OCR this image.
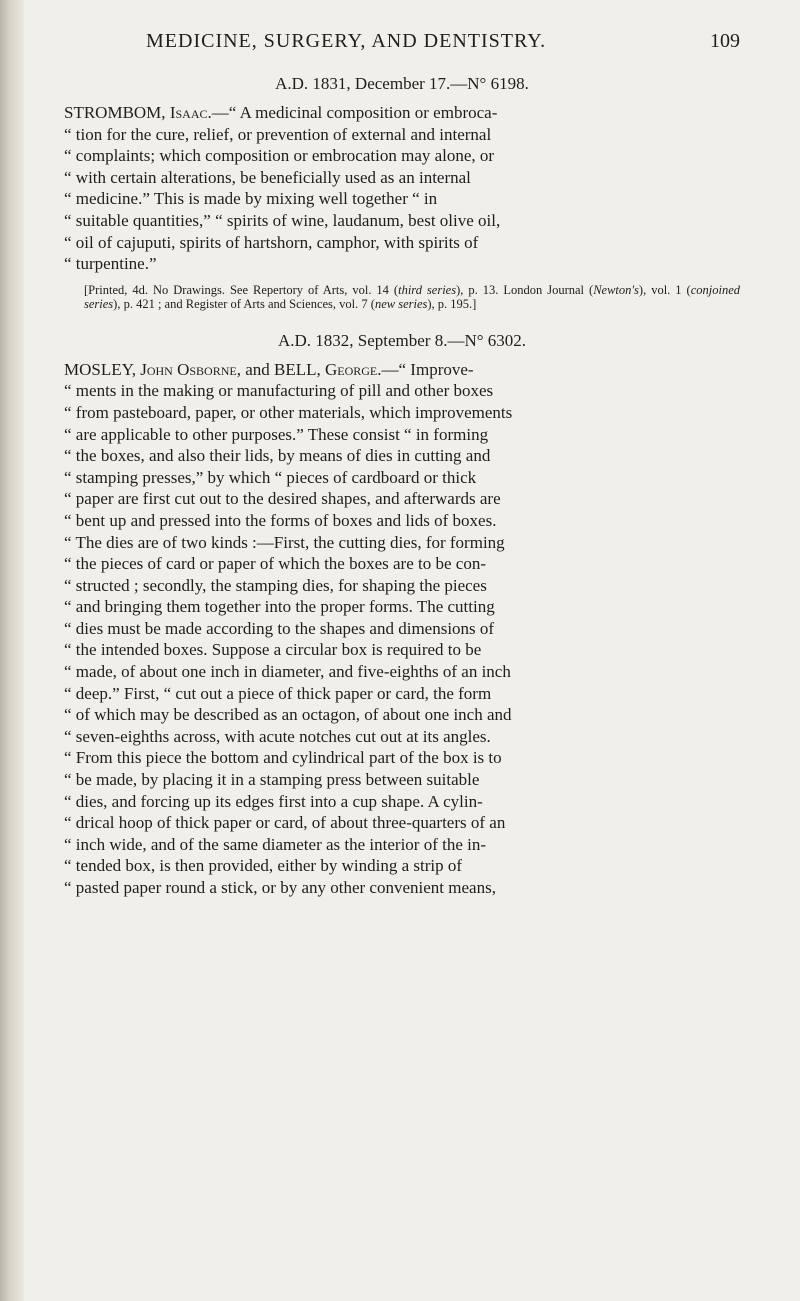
MEDICINE, SURGERY, AND DENTISTRY.	109
A.D. 1831, December 17.—N° 6198.

STROMBOM, Isaac.—“ A medicinal composition or embroca-
“ tion for the cure, relief, or prevention of external and internal
“ complaints; which composition or embrocation may alone, or
“ with certain alterations, be beneficially used as an internal
“ medicine.” This is made by mixing well together “ in
“ suitable quantities,” “ spirits of wine, laudanum, best olive oil,
“ oil of cajuputi, spirits of hartshorn, camphor, with spirits of
“ turpentine.”

[Printed, 4d. No Drawings. See Repertory of Arts, vol. 14 (third series), p. 13. London Journal (Newton's), vol. 1 (conjoined series), p. 421 ; and Register of Arts and Sciences, vol. 7 (new series), p. 195.]
A.D. 1832, September 8.—N° 6302.

MOSLEY, John Osborne, and BELL, George.—“ Improve-
“ ments in the making or manufacturing of pill and other boxes
“ from pasteboard, paper, or other materials, which improvements
“ are applicable to other purposes.” These consist “ in forming
“ the boxes, and also their lids, by means of dies in cutting and
“ stamping presses,” by which “ pieces of cardboard or thick
“ paper are first cut out to the desired shapes, and afterwards are
“ bent up and pressed into the forms of boxes and lids of boxes.
“ The dies are of two kinds :—First, the cutting dies, for forming
“ the pieces of card or paper of which the boxes are to be con-
“ structed ; secondly, the stamping dies, for shaping the pieces
“ and bringing them together into the proper forms. The cutting
“ dies must be made according to the shapes and dimensions of
“ the intended boxes. Suppose a circular box is required to be
“ made, of about one inch in diameter, and five-eighths of an inch
“ deep.” First, “ cut out a piece of thick paper or card, the form
“ of which may be described as an octagon, of about one inch and
“ seven-eighths across, with acute notches cut out at its angles.
“ From this piece the bottom and cylindrical part of the box is to
“ be made, by placing it in a stamping press between suitable
“ dies, and forcing up its edges first into a cup shape. A cylin-
“ drical hoop of thick paper or card, of about three-quarters of an
“ inch wide, and of the same diameter as the interior of the in-
“ tended box, is then provided, either by winding a strip of
“ pasted paper round a stick, or by any other convenient means,
